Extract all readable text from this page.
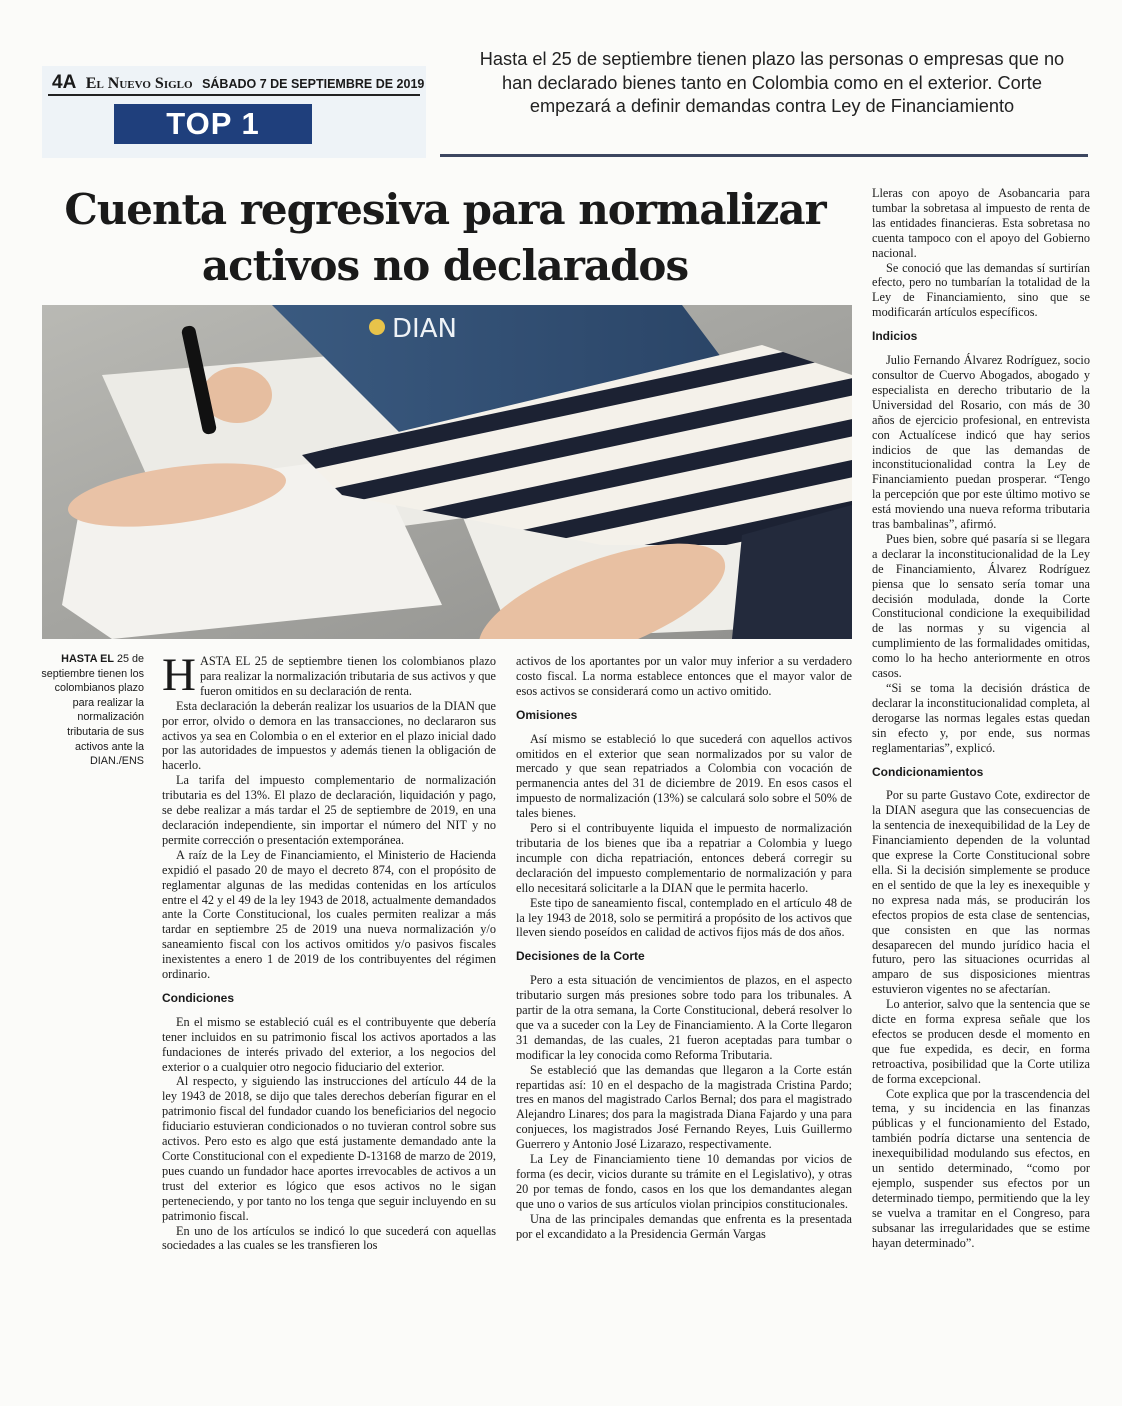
4A El Nuevo Siglo SÁBADO 7 DE SEPTIEMBRE DE 2019
TOP 1
Hasta el 25 de septiembre tienen plazo las personas o empresas que no han declarado bienes tanto en Colombia como en el exterior. Corte empezará a definir demandas contra Ley de Financiamiento
Cuenta regresiva para normalizar activos no declarados
DIAN
HASTA EL 25 de septiembre tienen los colombianos plazo para realizar la normalización tributaria de sus activos ante la DIAN./ENS

HASTA EL 25 de septiembre tienen los colombianos plazo para realizar la normalización tributaria de sus activos y que fueron omitidos en su declaración de renta.

Esta declaración la deberán realizar los usuarios de la DIAN que por error, olvido o demora en las transacciones, no declararon sus activos ya sea en Colombia o en el exterior en el plazo inicial dado por las autoridades de impuestos y además tienen la obligación de hacerlo.

La tarifa del impuesto complementario de normalización tributaria es del 13%. El plazo de declaración, liquidación y pago, se debe realizar a más tardar el 25 de septiembre de 2019, en una declaración independiente, sin importar el número del NIT y no permite corrección o presentación extemporánea.

A raíz de la Ley de Financiamiento, el Ministerio de Hacienda expidió el pasado 20 de mayo el decreto 874, con el propósito de reglamentar algunas de las medidas contenidas en los artículos entre el 42 y el 49 de la ley 1943 de 2018, actualmente demandados ante la Corte Constitucional, los cuales permiten realizar a más tardar en septiembre 25 de 2019 una nueva normalización y/o saneamiento fiscal con los activos omitidos y/o pasivos fiscales inexistentes a enero 1 de 2019 de los contribuyentes del régimen ordinario.

Condiciones

En el mismo se estableció cuál es el contribuyente que debería tener incluidos en su patrimonio fiscal los activos aportados a las fundaciones de interés privado del exterior, a los negocios del exterior o a cualquier otro negocio fiduciario del exterior.

Al respecto, y siguiendo las instrucciones del artículo 44 de la ley 1943 de 2018, se dijo que tales derechos deberían figurar en el patrimonio fiscal del fundador cuando los beneficiarios del negocio fiduciario estuvieran condicionados o no tuvieran control sobre sus activos. Pero esto es algo que está justamente demandado ante la Corte Constitucional con el expediente D-13168 de marzo de 2019, pues cuando un fundador hace aportes irrevocables de activos a un trust del exterior es lógico que esos activos no le sigan perteneciendo, y por tanto no los tenga que seguir incluyendo en su patrimonio fiscal.

En uno de los artículos se indicó lo que sucederá con aquellas sociedades a las cuales se les transfieren los

activos de los aportantes por un valor muy inferior a su verdadero costo fiscal. La norma establece entonces que el mayor valor de esos activos se considerará como un activo omitido.

Omisiones

Así mismo se estableció lo que sucederá con aquellos activos omitidos en el exterior que sean normalizados por su valor de mercado y que sean repatriados a Colombia con vocación de permanencia antes del 31 de diciembre de 2019. En esos casos el impuesto de normalización (13%) se calculará solo sobre el 50% de tales bienes.

Pero si el contribuyente liquida el impuesto de normalización tributaria de los bienes que iba a repatriar a Colombia y luego incumple con dicha repatriación, entonces deberá corregir su declaración del impuesto complementario de normalización y para ello necesitará solicitarle a la DIAN que le permita hacerlo.

Este tipo de saneamiento fiscal, contemplado en el artículo 48 de la ley 1943 de 2018, solo se permitirá a propósito de los activos que lleven siendo poseídos en calidad de activos fijos más de dos años.

Decisiones de la Corte

Pero a esta situación de vencimientos de plazos, en el aspecto tributario surgen más presiones sobre todo para los tribunales. A partir de la otra semana, la Corte Constitucional, deberá resolver lo que va a suceder con la Ley de Financiamiento. A la Corte llegaron 31 demandas, de las cuales, 21 fueron aceptadas para tumbar o modificar la ley conocida como Reforma Tributaria.

Se estableció que las demandas que llegaron a la Corte están repartidas así: 10 en el despacho de la magistrada Cristina Pardo; tres en manos del magistrado Carlos Bernal; dos para el magistrado Alejandro Linares; dos para la magistrada Diana Fajardo y una para conjueces, los magistrados José Fernando Reyes, Luis Guillermo Guerrero y Antonio José Lizarazo, respectivamente.

La Ley de Financiamiento tiene 10 demandas por vicios de forma (es decir, vicios durante su trámite en el Legislativo), y otras 20 por temas de fondo, casos en los que los demandantes alegan que uno o varios de sus artículos violan principios constitucionales.

Una de las principales demandas que enfrenta es la presentada por el excandidato a la Presidencia Germán Vargas

Lleras con apoyo de Asobancaria para tumbar la sobretasa al impuesto de renta de las entidades financieras. Esta sobretasa no cuenta tampoco con el apoyo del Gobierno nacional.

Se conoció que las demandas sí surtirían efecto, pero no tumbarían la totalidad de la Ley de Financiamiento, sino que se modificarán artículos específicos.

Indicios

Julio Fernando Álvarez Rodríguez, socio consultor de Cuervo Abogados, abogado y especialista en derecho tributario de la Universidad del Rosario, con más de 30 años de ejercicio profesional, en entrevista con Actualícese indicó que hay serios indicios de que las demandas de inconstitucionalidad contra la Ley de Financiamiento puedan prosperar. “Tengo la percepción que por este último motivo se está moviendo una nueva reforma tributaria tras bambalinas”, afirmó.

Pues bien, sobre qué pasaría si se llegara a declarar la inconstitucionalidad de la Ley de Financiamiento, Álvarez Rodríguez piensa que lo sensato sería tomar una decisión modulada, donde la Corte Constitucional condicione la exequibilidad de las normas y su vigencia al cumplimiento de las formalidades omitidas, como lo ha hecho anteriormente en otros casos.

“Si se toma la decisión drástica de declarar la inconstitucionalidad completa, al derogarse las normas legales estas quedan sin efecto y, por ende, sus normas reglamentarias”, explicó.

Condicionamientos

Por su parte Gustavo Cote, exdirector de la DIAN asegura que las consecuencias de la sentencia de inexequibilidad de la Ley de Financiamiento dependen de la voluntad que exprese la Corte Constitucional sobre ella. Si la decisión simplemente se produce en el sentido de que la ley es inexequible y no expresa nada más, se producirán los efectos propios de esta clase de sentencias, que consisten en que las normas desaparecen del mundo jurídico hacia el futuro, pero las situaciones ocurridas al amparo de sus disposiciones mientras estuvieron vigentes no se afectarían.

Lo anterior, salvo que la sentencia que se dicte en forma expresa señale que los efectos se producen desde el momento en que fue expedida, es decir, en forma retroactiva, posibilidad que la Corte utiliza de forma excepcional.

Cote explica que por la trascendencia del tema, y su incidencia en las finanzas públicas y el funcionamiento del Estado, también podría dictarse una sentencia de inexequibilidad modulando sus efectos, en un sentido determinado, “como por ejemplo, suspender sus efectos por un determinado tiempo, permitiendo que la ley se vuelva a tramitar en el Congreso, para subsanar las irregularidades que se estime hayan determinado”.
